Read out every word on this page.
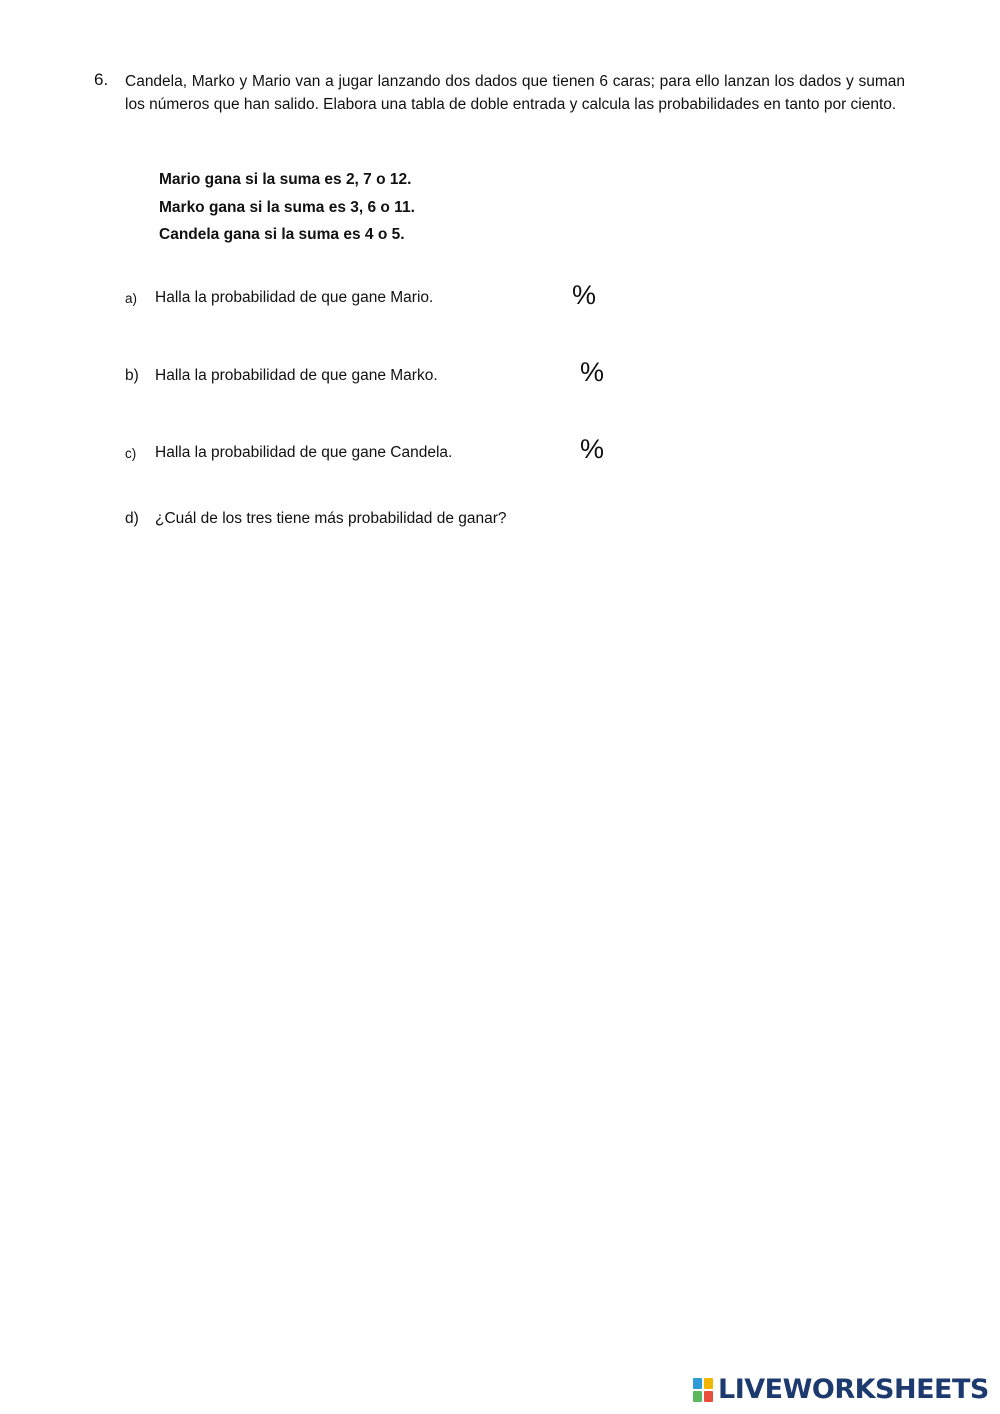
6. Candela, Marko y Mario van a jugar lanzando dos dados que tienen 6 caras; para ello lanzan los dados y suman los números que han salido. Elabora una tabla de doble entrada y calcula las probabilidades en tanto por ciento.
Mario gana si la suma es 2, 7 o 12.
Marko gana si la suma es 3, 6 o 11.
Candela gana si la suma es 4 o 5.
a) Halla la probabilidad de que gane Mario.	%
b) Halla la probabilidad de que gane Marko.	%
c) Halla la probabilidad de que gane Candela.	%
d) ¿Cuál de los tres tiene más probabilidad de ganar?
LIVEWORKSHEETS
